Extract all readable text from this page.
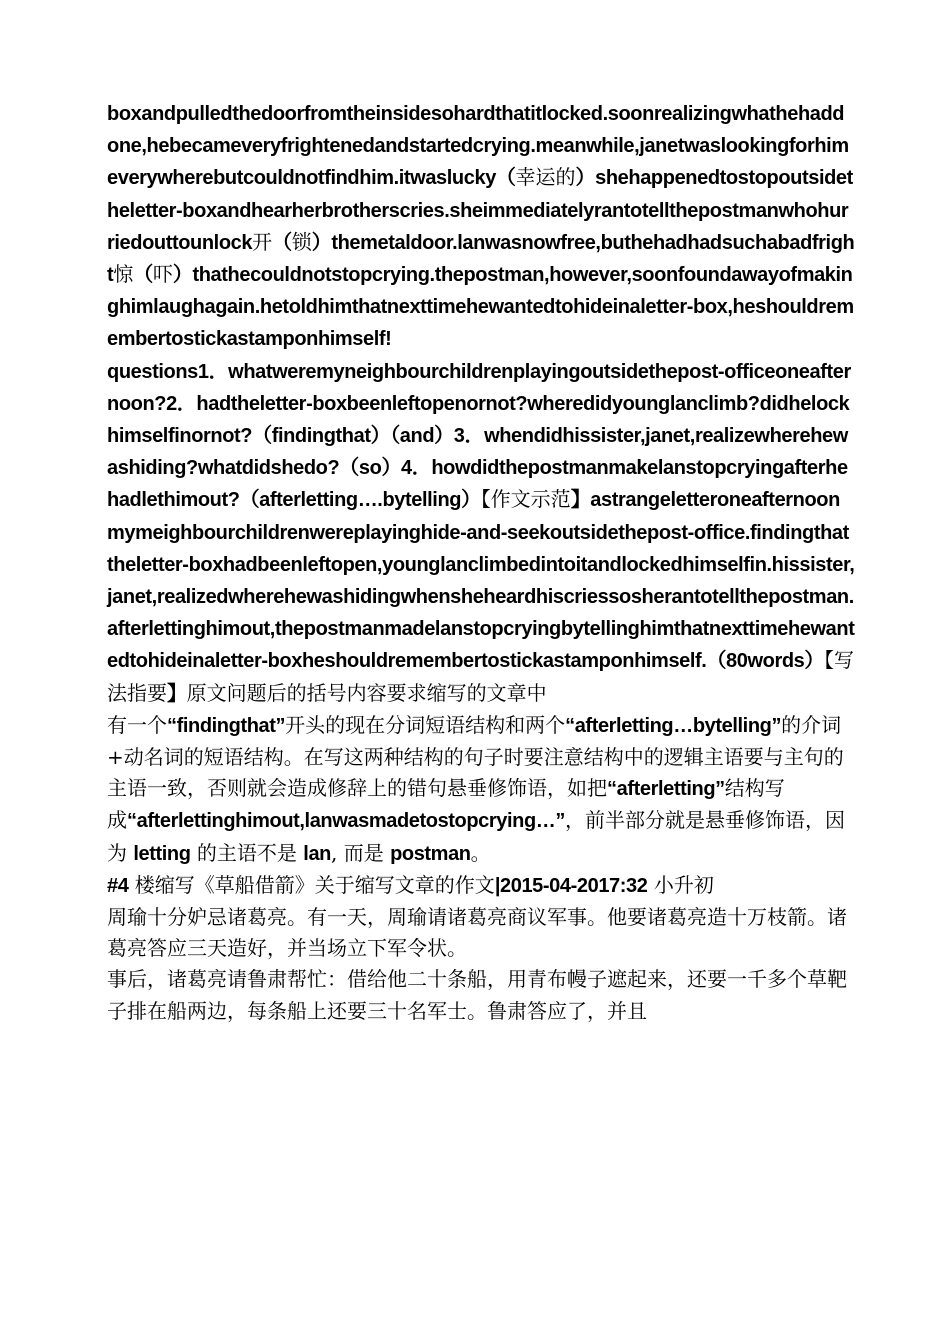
boxandpulledthedoorfromtheinsidesohardthatitlocked.soonrealizingwhathehaddone,hebecameveryfrightenedandstartedcrying.meanwhile,janetwaslookingforhimeverywherebutcouldnotfindhim.itwaslucky（幸运的）shehappenedtostopoutsidetheletter-boxandhearherbrotherscries.sheimmediatelyrantotellthepostmanwhohurriedouttounlock开（锁）themetaldoor.lanwasnowfree,buthehadhadsuchabadfright惊（吓）thathecouldnotstopcrying.thepostman,however,soonfoundawayofmakinghimlaughagain.hetoldhimthatnexttimehewantedtohideinaletter-box,heshouldremembertostickastamponhimself!

questions1．whatweremyneighbourchildrenplayingoutsidethepost-officeoneafternoon?2．hadtheletter-boxbeenleftopenornot?wheredidyounglanclimb?didhelockhimselfinornot?（findingthat）（and）3．whendidhissister,janet,realizewherehewashiding?whatdidshedo?（so）4．howdidthepostmanmakelanstopcryingafterhehadlethimout?（afterletting….bytelling）【作文示范】astrangeletteroneafternoonmymeighbourchildrenwereplayinghide-and-seekoutsidethepost-office.findingthattheletter-boxhadbeenleftopen,younglanclimbedintoitandlockedhimselfin.hissister,janet,realizedwherehewashidingwhensheheardhiscriessosherantotellthepostman.afterlettinghimout,thepostmanmadelanstopcryingbytellinghimthatnexttimehewantedtohideinaletter-boxheshouldremembertostickastamponhimself.（80words）【写法指要】原文问题后的括号内容要求缩写的文章中

有一个“findingthat”开头的现在分词短语结构和两个“afterletting…bytelling”的介词+动名词的短语结构。在写这两种结构的句子时要注意结构中的逻辑主语要与主句的主语一致，否则就会造成修辞上的错句悬垂修饰语，如把“afterletting”结构写

成“afterlettinghimout,lanwasmadetostopcrying…”，前半部分就是悬垂修饰语，因为 letting 的主语不是 lan, 而是 postman。

#4 楼缩写《草船借箭》关于缩写文章的作文|2015-04-2017:32 小升初

周瑜十分妒忌诸葛亮。有一天，周瑜请诸葛亮商议军事。他要诸葛亮造十万枝箭。诸葛亮答应三天造好，并当场立下军令状。

事后，诸葛亮请鲁肃帮忙：借给他二十条船，用青布幔子遮起来，还要一千多个草靶子排在船两边，每条船上还要三十名军士。鲁肃答应了，并且
